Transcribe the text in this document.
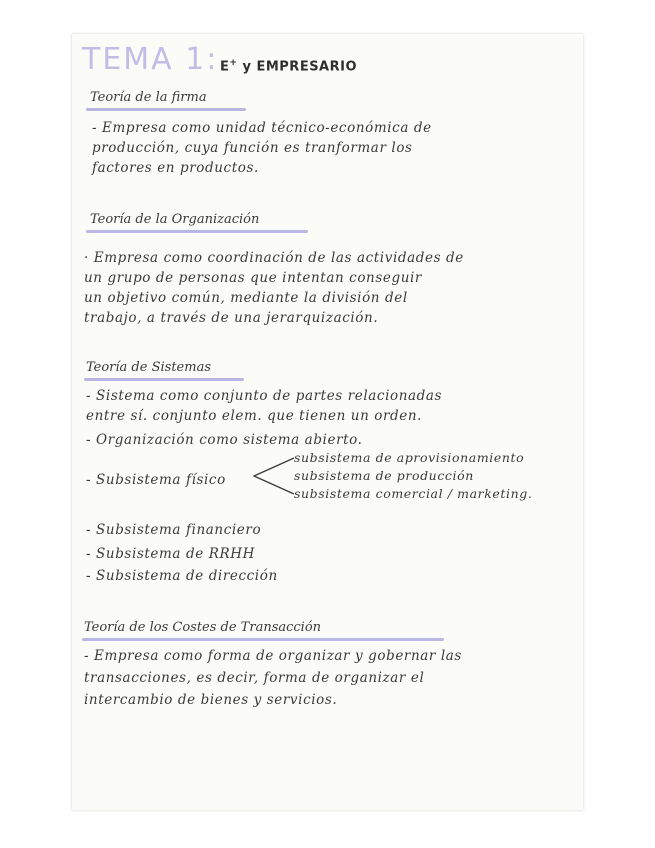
TEMA 1: E+ y EMPRESARIO
Teoría de la firma
- Empresa como unidad técnico-económica de
producción, cuya función es tranformar los
factores en productos.
Teoría de la Organización
· Empresa como coordinación de las actividades de
un grupo de personas que intentan conseguir
un objetivo común, mediante la división del
trabajo, a través de una jerarquización.
Teoría de Sistemas
- Sistema como conjunto de partes relacionadas
entre sí. conjunto elem. que tienen un orden.
- Organización como sistema abierto.
- Subsistema físico
subsistema de aprovisionamiento
subsistema de producción
subsistema comercial / marketing.
- Subsistema financiero
- Subsistema de RRHH
- Subsistema de dirección
Teoría de los Costes de Transacción
- Empresa como forma de organizar y gobernar las
transacciones, es decir, forma de organizar el
intercambio de bienes y servicios.
